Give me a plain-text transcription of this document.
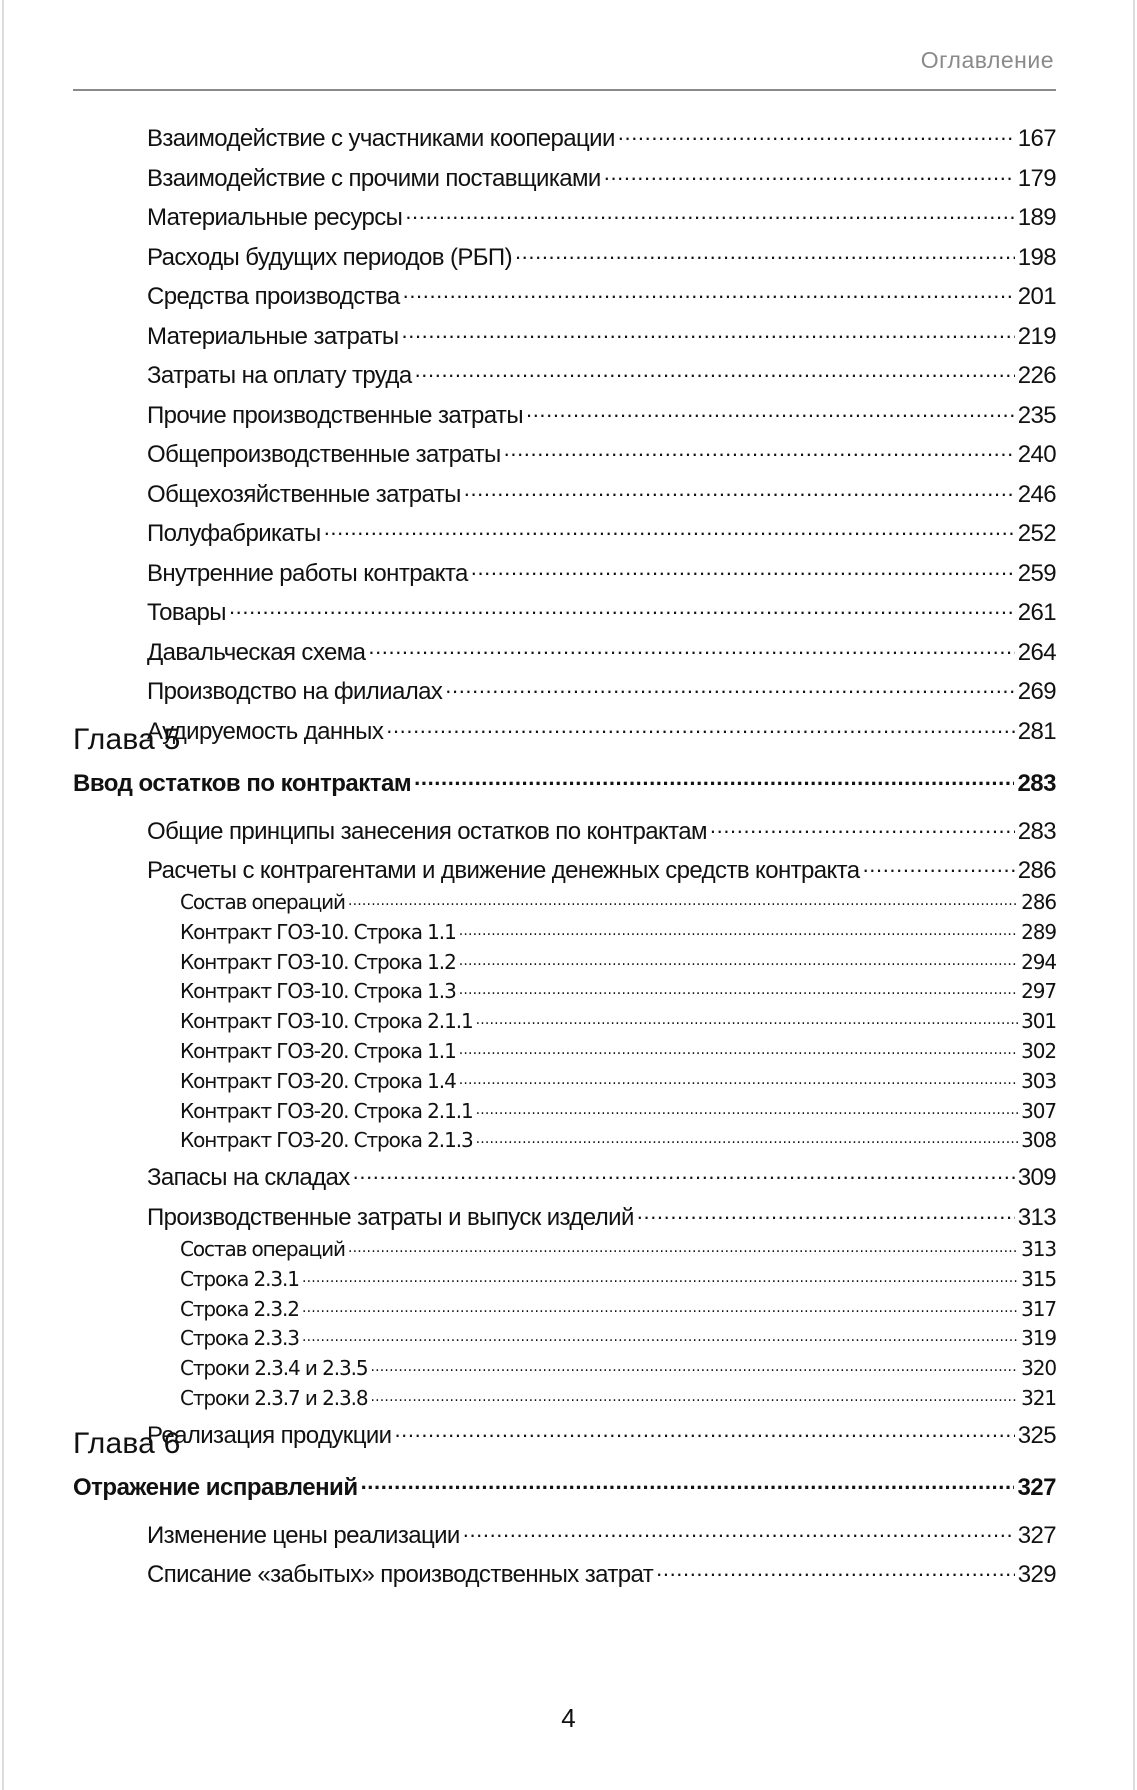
Оглавление
Взаимодействие с участниками кооперации .....	167
Взаимодействие с прочими поставщиками .....	179
Материальные ресурсы .....	189
Расходы будущих периодов (РБП) .....	198
Средства производства .....	201
Материальные затраты .....	219
Затраты на оплату труда .....	226
Прочие производственные затраты .....	235
Общепроизводственные затраты .....	240
Общехозяйственные затраты .....	246
Полуфабрикаты .....	252
Внутренние работы контракта .....	259
Товары .....	261
Давальческая схема .....	264
Производство на филиалах .....	269
Аудируемость данных .....	281
Глава 5
Ввод остатков по контрактам .....	283
Общие принципы занесения остатков по контрактам .....	283
Расчеты с контрагентами и движение денежных средств контракта .....	286
Состав операций .....	286
Контракт ГОЗ-10. Строка 1.1 .....	289
Контракт ГОЗ-10. Строка 1.2 .....	294
Контракт ГОЗ-10. Строка 1.3 .....	297
Контракт ГОЗ-10. Строка 2.1.1 .....	301
Контракт ГОЗ-20. Строка 1.1 .....	302
Контракт ГОЗ-20. Строка 1.4 .....	303
Контракт ГОЗ-20. Строка 2.1.1 .....	307
Контракт ГОЗ-20. Строка 2.1.3 .....	308
Запасы на складах .....	309
Производственные затраты и выпуск изделий .....	313
Состав операций .....	313
Строка 2.3.1 .....	315
Строка 2.3.2 .....	317
Строка 2.3.3 .....	319
Строки 2.3.4 и 2.3.5 .....	320
Строки 2.3.7 и 2.3.8 .....	321
Реализация продукции .....	325
Глава 6
Отражение исправлений .....	327
Изменение цены реализации .....	327
Списание «забытых» производственных затрат .....	329
4
